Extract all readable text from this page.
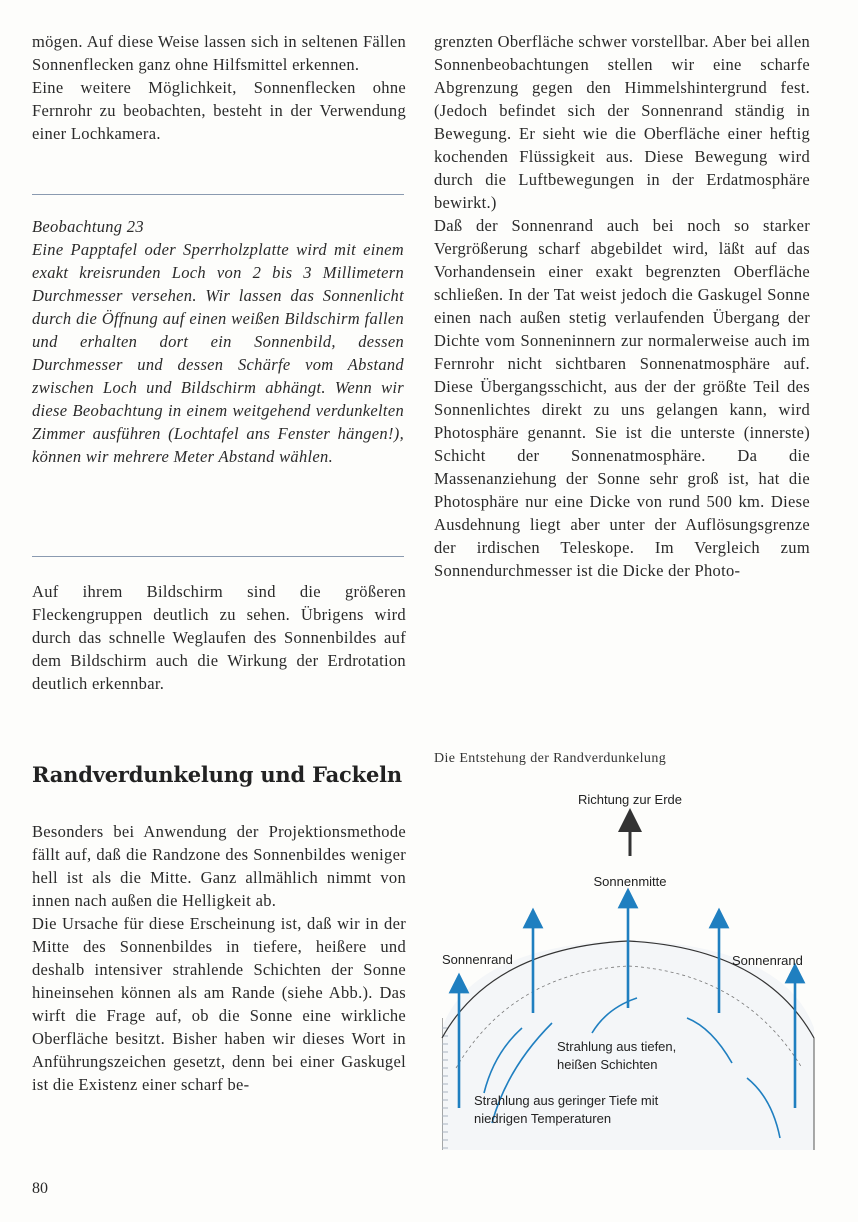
mögen. Auf diese Weise lassen sich in seltenen Fällen Sonnenflecken ganz ohne Hilfsmittel erkennen.

Eine weitere Möglichkeit, Sonnenflecken ohne Fernrohr zu beobachten, besteht in der Verwendung einer Lochkamera.

Beobachtung 23

Eine Papptafel oder Sperrholzplatte wird mit einem exakt kreisrunden Loch von 2 bis 3 Millimetern Durchmesser versehen. Wir lassen das Sonnenlicht durch die Öffnung auf einen weißen Bildschirm fallen und erhalten dort ein Sonnenbild, dessen Durchmesser und dessen Schärfe vom Abstand zwischen Loch und Bildschirm abhängt. Wenn wir diese Beobachtung in einem weitgehend verdunkelten Zimmer ausführen (Lochtafel ans Fenster hängen!), können wir mehrere Meter Abstand wählen.

Auf ihrem Bildschirm sind die größeren Fleckengruppen deutlich zu sehen. Übrigens wird durch das schnelle Weglaufen des Sonnenbildes auf dem Bildschirm auch die Wirkung der Erdrotation deutlich erkennbar.

Randverdunkelung und Fackeln

Besonders bei Anwendung der Projektionsmethode fällt auf, daß die Randzone des Sonnenbildes weniger hell ist als die Mitte. Ganz allmählich nimmt von innen nach außen die Helligkeit ab.

Die Ursache für diese Erscheinung ist, daß wir in der Mitte des Sonnenbildes in tiefere, heißere und deshalb intensiver strahlende Schichten der Sonne hineinsehen können als am Rande (siehe Abb.). Das wirft die Frage auf, ob die Sonne eine wirkliche Oberfläche besitzt. Bisher haben wir dieses Wort in Anführungszeichen gesetzt, denn bei einer Gaskugel ist die Existenz einer scharf be-

80

grenzten Oberfläche schwer vorstellbar. Aber bei allen Sonnenbeobachtungen stellen wir eine scharfe Abgrenzung gegen den Himmelshintergrund fest. (Jedoch befindet sich der Sonnenrand ständig in Bewegung. Er sieht wie die Oberfläche einer heftig kochenden Flüssigkeit aus. Diese Bewegung wird durch die Luftbewegungen in der Erdatmosphäre bewirkt.)

Daß der Sonnenrand auch bei noch so starker Vergrößerung scharf abgebildet wird, läßt auf das Vorhandensein einer exakt begrenzten Oberfläche schließen. In der Tat weist jedoch die Gaskugel Sonne einen nach außen stetig verlaufenden Übergang der Dichte vom Sonneninnern zur normalerweise auch im Fernrohr nicht sichtbaren Sonnenatmosphäre auf. Diese Übergangsschicht, aus der der größte Teil des Sonnenlichtes direkt zu uns gelangen kann, wird Photosphäre genannt. Sie ist die unterste (innerste) Schicht der Sonnenatmosphäre. Da die Massenanziehung der Sonne sehr groß ist, hat die Photosphäre nur eine Dicke von rund 500 km. Diese Ausdehnung liegt aber unter der Auflösungsgrenze der irdischen Teleskope. Im Vergleich zum Sonnendurchmesser ist die Dicke der Photo-

Die Entstehung der Randverdunkelung
Richtung zur Erde
Sonnenmitte
Sonnenrand	Sonnenrand
Strahlung aus tiefen,
heißen Schichten
Strahlung aus geringer Tiefe mit
niedrigen Temperaturen
